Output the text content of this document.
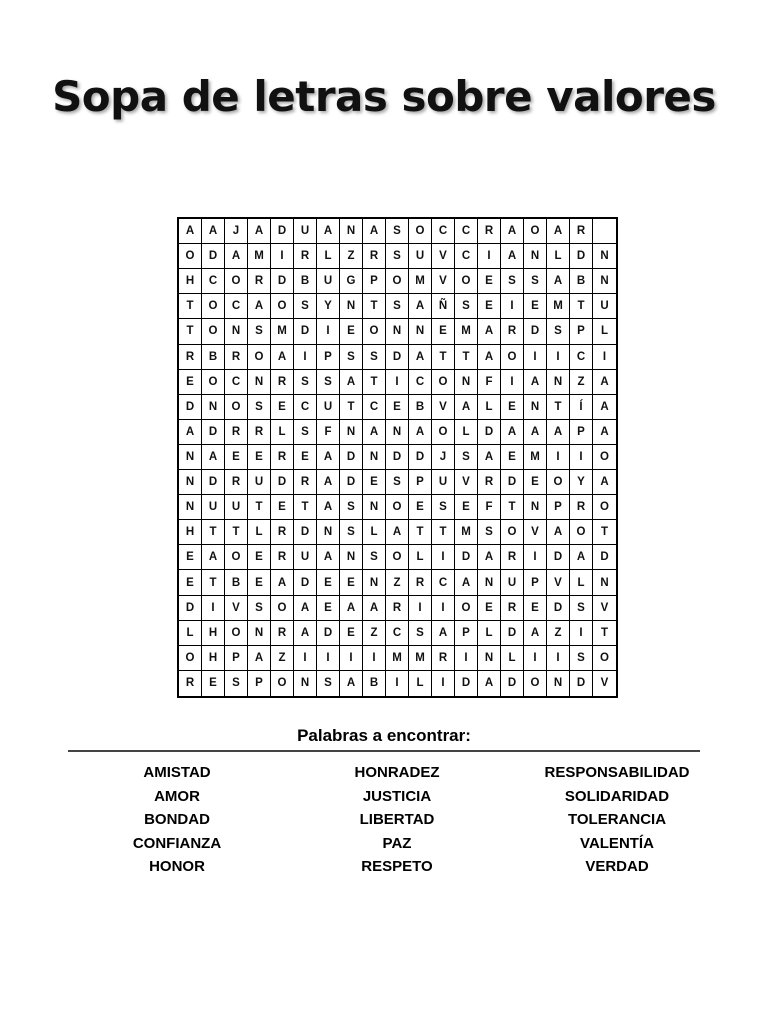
Sopa de letras sobre valores
A	A	J	A	D	U	A	N	A	S	O	C	C	R	A	O	A	R
O	D	A	M	I	R	L	Z	R	S	U	V	C	I	A	N	L	D	N
H	C	O	R	D	B	U	G	P	O	M	V	O	E	S	S	A	B	N
T	O	C	A	O	S	Y	N	T	S	A	Ñ	S	E	I	E	M	T	U
T	O	N	S	M	D	I	E	O	N	N	E	M	A	R	D	S	P	L
R	B	R	O	A	I	P	S	S	D	A	T	T	A	O	I	I	C	I
E	O	C	N	R	S	S	A	T	I	C	O	N	F	I	A	N	Z	A
D	N	O	S	E	C	U	T	C	E	B	V	A	L	E	N	T	Í	A
A	D	R	R	L	S	F	N	A	N	A	O	L	D	A	A	A	P	A
N	A	E	E	R	E	A	D	N	D	D	J	S	A	E	M	I	I	O
N	D	R	U	D	R	A	D	E	S	P	U	V	R	D	E	O	Y	A
N	U	U	T	E	T	A	S	N	O	E	S	E	F	T	N	P	R	O
H	T	T	L	R	D	N	S	L	A	T	T	M	S	O	V	A	O	T
E	A	O	E	R	U	A	N	S	O	L	I	D	A	R	I	D	A	D
E	T	B	E	A	D	E	E	N	Z	R	C	A	N	U	P	V	L	N
D	I	V	S	O	A	E	A	A	R	I	I	O	E	R	E	D	S	V
L	H	O	N	R	A	D	E	Z	C	S	A	P	L	D	A	Z	I	T
O	H	P	A	Z	I	I	I	I	M	M	R	I	N	L	I	I	S	O
R	E	S	P	O	N	S	A	B	I	L	I	D	A	D	O	N	D	V
Palabras a encontrar:
AMISTAD
AMOR
BONDAD
CONFIANZA
HONOR
HONRADEZ
JUSTICIA
LIBERTAD
PAZ
RESPETO
RESPONSABILIDAD
SOLIDARIDAD
TOLERANCIA
VALENTÍA
VERDAD
